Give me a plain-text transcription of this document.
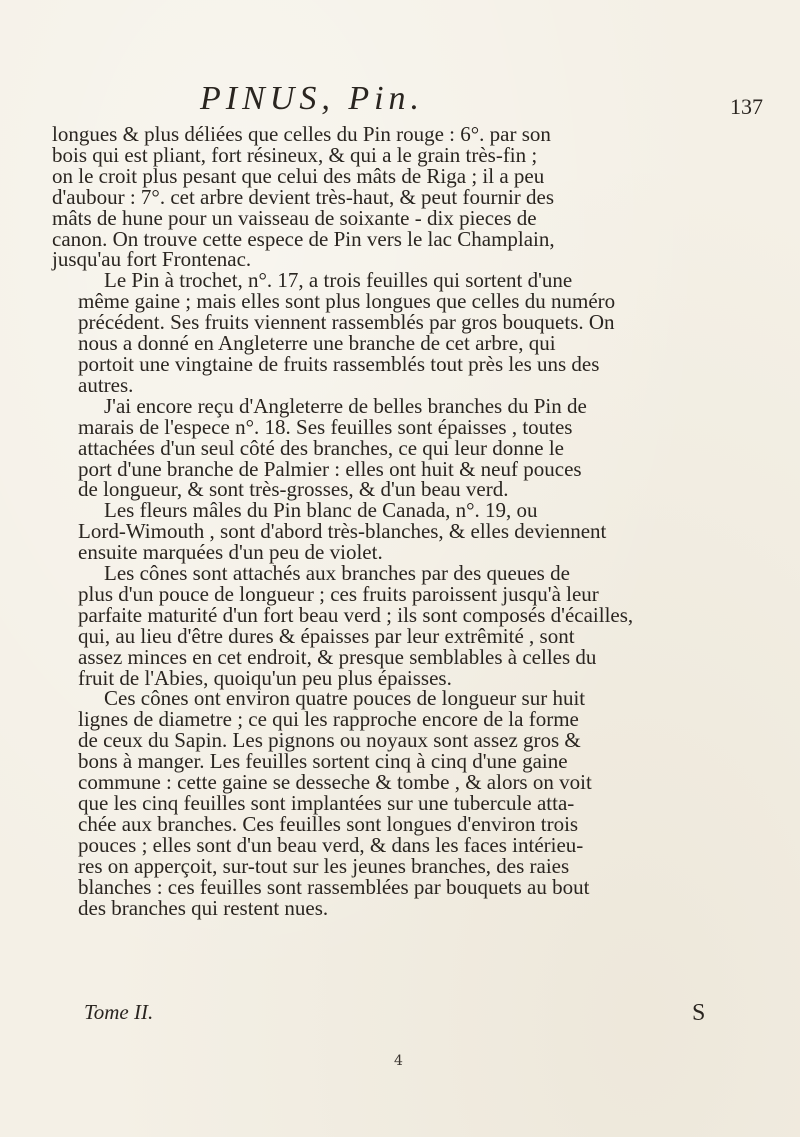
PINUS, Pin.	137

longues & plus déliées que celles du Pin rouge : 6°. par son
bois qui est pliant, fort résineux, & qui a le grain très-fin ;
on le croit plus pesant que celui des mâts de Riga ; il a peu
d'aubour : 7°. cet arbre devient très-haut, & peut fournir des
mâts de hune pour un vaisseau de soixante - dix pieces de
canon. On trouve cette espece de Pin vers le lac Champlain,
jusqu'au fort Frontenac.

Le Pin à trochet, n°. 17, a trois feuilles qui sortent d'une
même gaine ; mais elles sont plus longues que celles du numéro
précédent. Ses fruits viennent rassemblés par gros bouquets. On
nous a donné en Angleterre une branche de cet arbre, qui
portoit une vingtaine de fruits rassemblés tout près les uns des
autres.

J'ai encore reçu d'Angleterre de belles branches du Pin de
marais de l'espece n°. 18. Ses feuilles sont épaisses , toutes
attachées d'un seul côté des branches, ce qui leur donne le
port d'une branche de Palmier : elles ont huit & neuf pouces
de longueur, & sont très-grosses, & d'un beau verd.

Les fleurs mâles du Pin blanc de Canada, n°. 19, ou
Lord-Wimouth , sont d'abord très-blanches, & elles deviennent
ensuite marquées d'un peu de violet.

Les cônes sont attachés aux branches par des queues de
plus d'un pouce de longueur ; ces fruits paroissent jusqu'à leur
parfaite maturité d'un fort beau verd ; ils sont composés d'écailles,
qui, au lieu d'être dures & épaisses par leur extrêmité , sont
assez minces en cet endroit, & presque semblables à celles du
fruit de l'Abies, quoiqu'un peu plus épaisses.

Ces cônes ont environ quatre pouces de longueur sur huit
lignes de diametre ; ce qui les rapproche encore de la forme
de ceux du Sapin. Les pignons ou noyaux sont assez gros &
bons à manger. Les feuilles sortent cinq à cinq d'une gaine
commune : cette gaine se desseche & tombe , & alors on voit
que les cinq feuilles sont implantées sur une tubercule atta-
chée aux branches. Ces feuilles sont longues d'environ trois
pouces ; elles sont d'un beau verd, & dans les faces intérieu-
res on apperçoit, sur-tout sur les jeunes branches, des raies
blanches : ces feuilles sont rassemblées par bouquets au bout
des branches qui restent nues.

Tome II.	S
4
